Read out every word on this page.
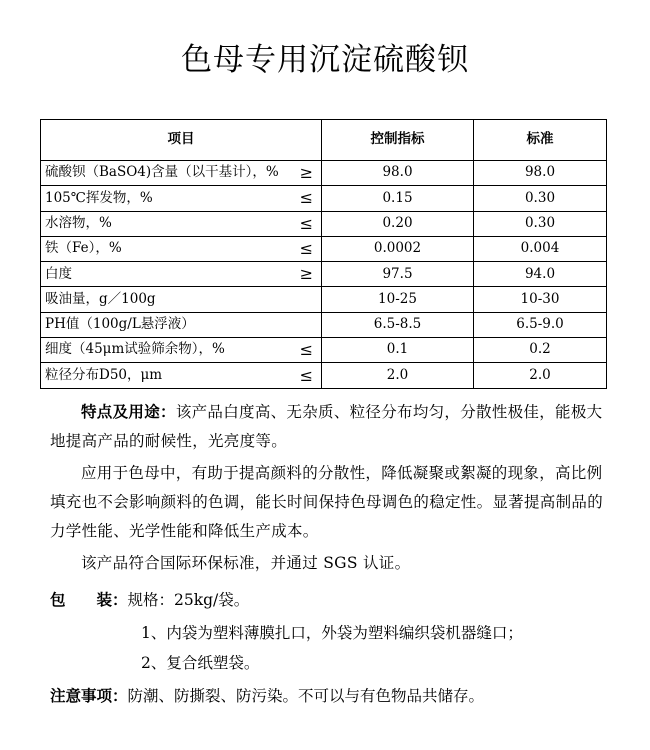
色母专用沉淀硫酸钡
项目	控制指标	标准
硫酸钡（BaSO4)含量（以干基计），% ≥	98.0	98.0
105℃挥发物，% ≤	0.15	0.30
水溶物，% ≤	0.20	0.30
铁（Fe），% ≤	0.0002	0.004
白度 ≥	97.5	94.0
吸油量，g／100g	10-25	10-30
PH值（100g/L悬浮液）	6.5-8.5	6.5-9.0
细度（45μm试验筛余物），% ≤	0.1	0.2
粒径分布D50，μm ≤	2.0	2.0

特点及用途：该产品白度高、无杂质、粒径分布均匀，分散性极佳，能极大地提高产品的耐候性，光亮度等。

应用于色母中，有助于提高颜料的分散性，降低凝聚或絮凝的现象，高比例填充也不会影响颜料的色调，能长时间保持色母调色的稳定性。显著提高制品的力学性能、光学性能和降低生产成本。

该产品符合国际环保标准，并通过 SGS 认证。

包　　装：规格：25kg/袋。
1、内袋为塑料薄膜扎口，外袋为塑料编织袋机器缝口；
2、复合纸塑袋。
注意事项：防潮、防撕裂、防污染。不可以与有色物品共储存。
